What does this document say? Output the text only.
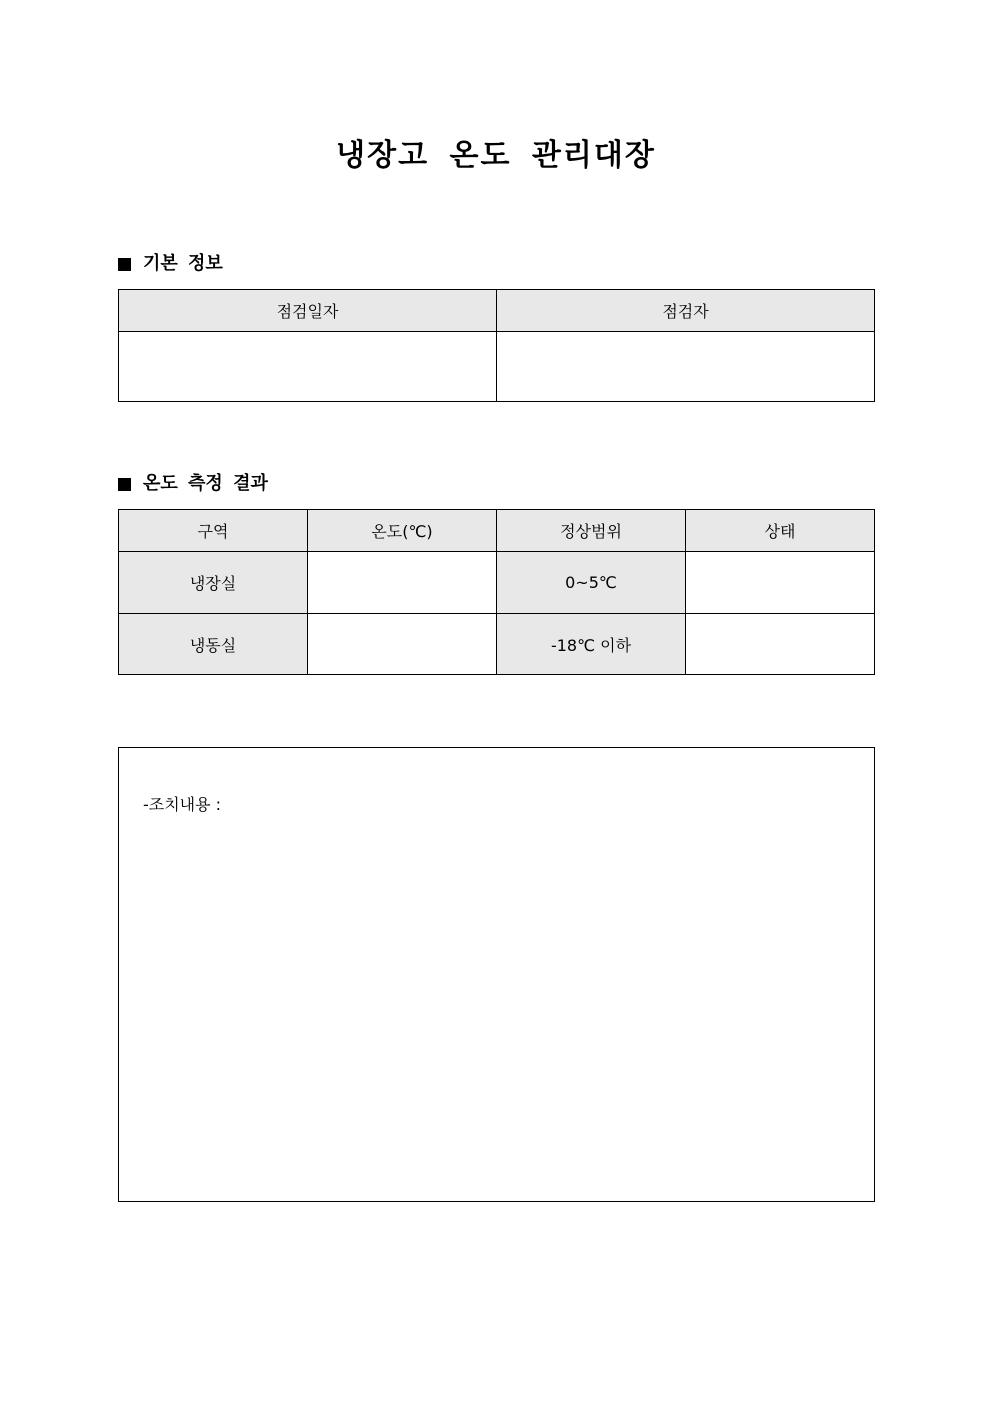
냉장고 온도 관리대장
기본 정보
점검일자	점검자

온도 측정 결과
구역	온도(℃)	정상범위	상태
냉장실		0~5℃	
냉동실		-18℃ 이하	
-조치내용 :
